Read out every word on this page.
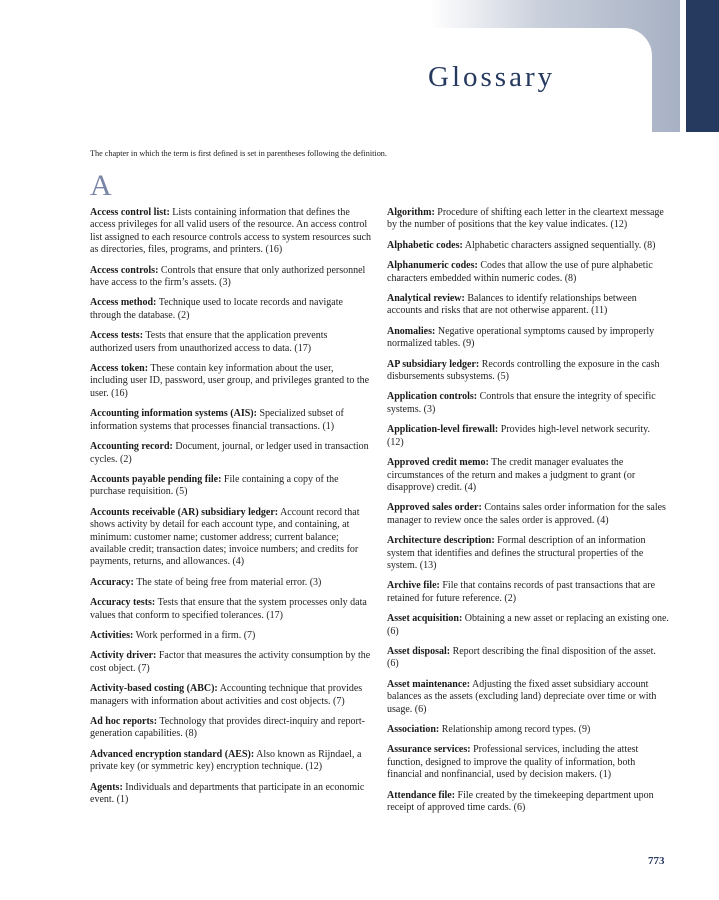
Glossary
The chapter in which the term is first defined is set in parentheses following the definition.
A
Access control list: Lists containing information that defines the access privileges for all valid users of the resource. An access control list assigned to each resource controls access to system resources such as directories, files, programs, and printers. (16)
Access controls: Controls that ensure that only authorized personnel have access to the firm’s assets. (3)
Access method: Technique used to locate records and navigate through the database. (2)
Access tests: Tests that ensure that the application prevents authorized users from unauthorized access to data. (17)
Access token: These contain key information about the user, including user ID, password, user group, and privileges granted to the user. (16)
Accounting information systems (AIS): Specialized subset of information systems that processes financial transactions. (1)
Accounting record: Document, journal, or ledger used in transaction cycles. (2)
Accounts payable pending file: File containing a copy of the purchase requisition. (5)
Accounts receivable (AR) subsidiary ledger: Account record that shows activity by detail for each account type, and containing, at minimum: customer name; customer address; current balance; available credit; transaction dates; invoice numbers; and credits for payments, returns, and allowances. (4)
Accuracy: The state of being free from material error. (3)
Accuracy tests: Tests that ensure that the system processes only data values that conform to specified tolerances. (17)
Activities: Work performed in a firm. (7)
Activity driver: Factor that measures the activity consumption by the cost object. (7)
Activity-based costing (ABC): Accounting technique that provides managers with information about activities and cost objects. (7)
Ad hoc reports: Technology that provides direct-inquiry and report-generation capabilities. (8)
Advanced encryption standard (AES): Also known as Rijndael, a private key (or symmetric key) encryption technique. (12)
Agents: Individuals and departments that participate in an economic event. (1)
Algorithm: Procedure of shifting each letter in the cleartext message by the number of positions that the key value indicates. (12)
Alphabetic codes: Alphabetic characters assigned sequentially. (8)
Alphanumeric codes: Codes that allow the use of pure alphabetic characters embedded within numeric codes. (8)
Analytical review: Balances to identify relationships between accounts and risks that are not otherwise apparent. (11)
Anomalies: Negative operational symptoms caused by improperly normalized tables. (9)
AP subsidiary ledger: Records controlling the exposure in the cash disbursements subsystems. (5)
Application controls: Controls that ensure the integrity of specific systems. (3)
Application-level firewall: Provides high-level network security. (12)
Approved credit memo: The credit manager evaluates the circumstances of the return and makes a judgment to grant (or disapprove) credit. (4)
Approved sales order: Contains sales order information for the sales manager to review once the sales order is approved. (4)
Architecture description: Formal description of an information system that identifies and defines the structural properties of the system. (13)
Archive file: File that contains records of past transactions that are retained for future reference. (2)
Asset acquisition: Obtaining a new asset or replacing an existing one. (6)
Asset disposal: Report describing the final disposition of the asset. (6)
Asset maintenance: Adjusting the fixed asset subsidiary account balances as the assets (excluding land) depreciate over time or with usage. (6)
Association: Relationship among record types. (9)
Assurance services: Professional services, including the attest function, designed to improve the quality of information, both financial and nonfinancial, used by decision makers. (1)
Attendance file: File created by the timekeeping department upon receipt of approved time cards. (6)
773
